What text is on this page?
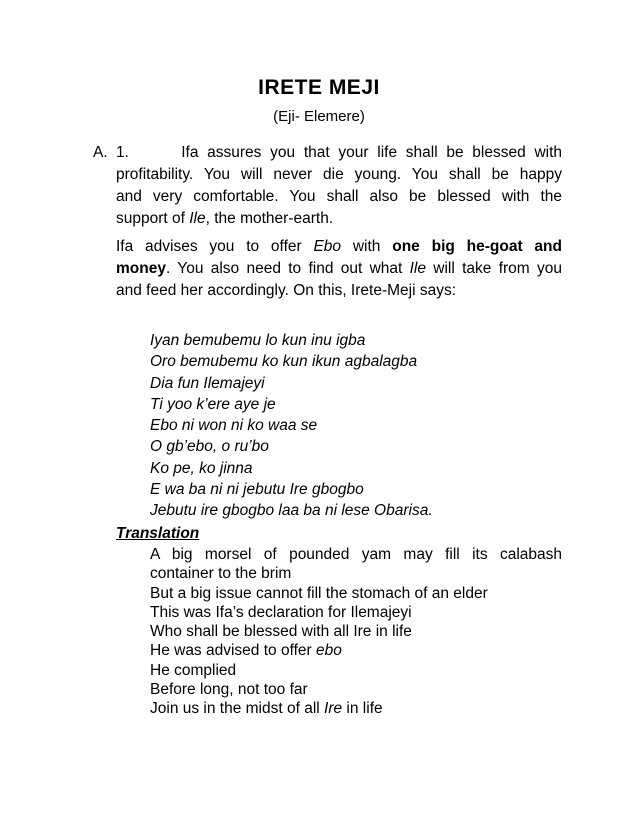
IRETE MEJI
(Eji- Elemere)
A. 1.	Ifa assures you that your life shall be blessed with
profitability. You will never die young. You shall be happy
and very comfortable. You shall also be blessed with the
support of Ile, the mother-earth.
Ifa advises you to offer Ebo with one big he-goat and
money. You also need to find out what Ile will take from you
and feed her accordingly. On this, Irete-Meji says:
Iyan bemubemu lo kun inu igba
Oro bemubemu ko kun ikun agbalagba
Dia fun Ilemajeyi
Ti yoo k’ere aye je
Ebo ni won ni ko waa se
O gb’ebo, o ru’bo
Ko pe, ko jinna
E wa ba ni ni jebutu Ire gbogbo
Jebutu ire gbogbo laa ba ni lese Obarisa.
Translation
A big morsel of pounded yam may fill its calabash
container to the brim
But a big issue cannot fill the stomach of an elder
This was Ifa’s declaration for Ilemajeyi
Who shall be blessed with all Ire in life
He was advised to offer ebo
He complied
Before long, not too far
Join us in the midst of all Ire in life
